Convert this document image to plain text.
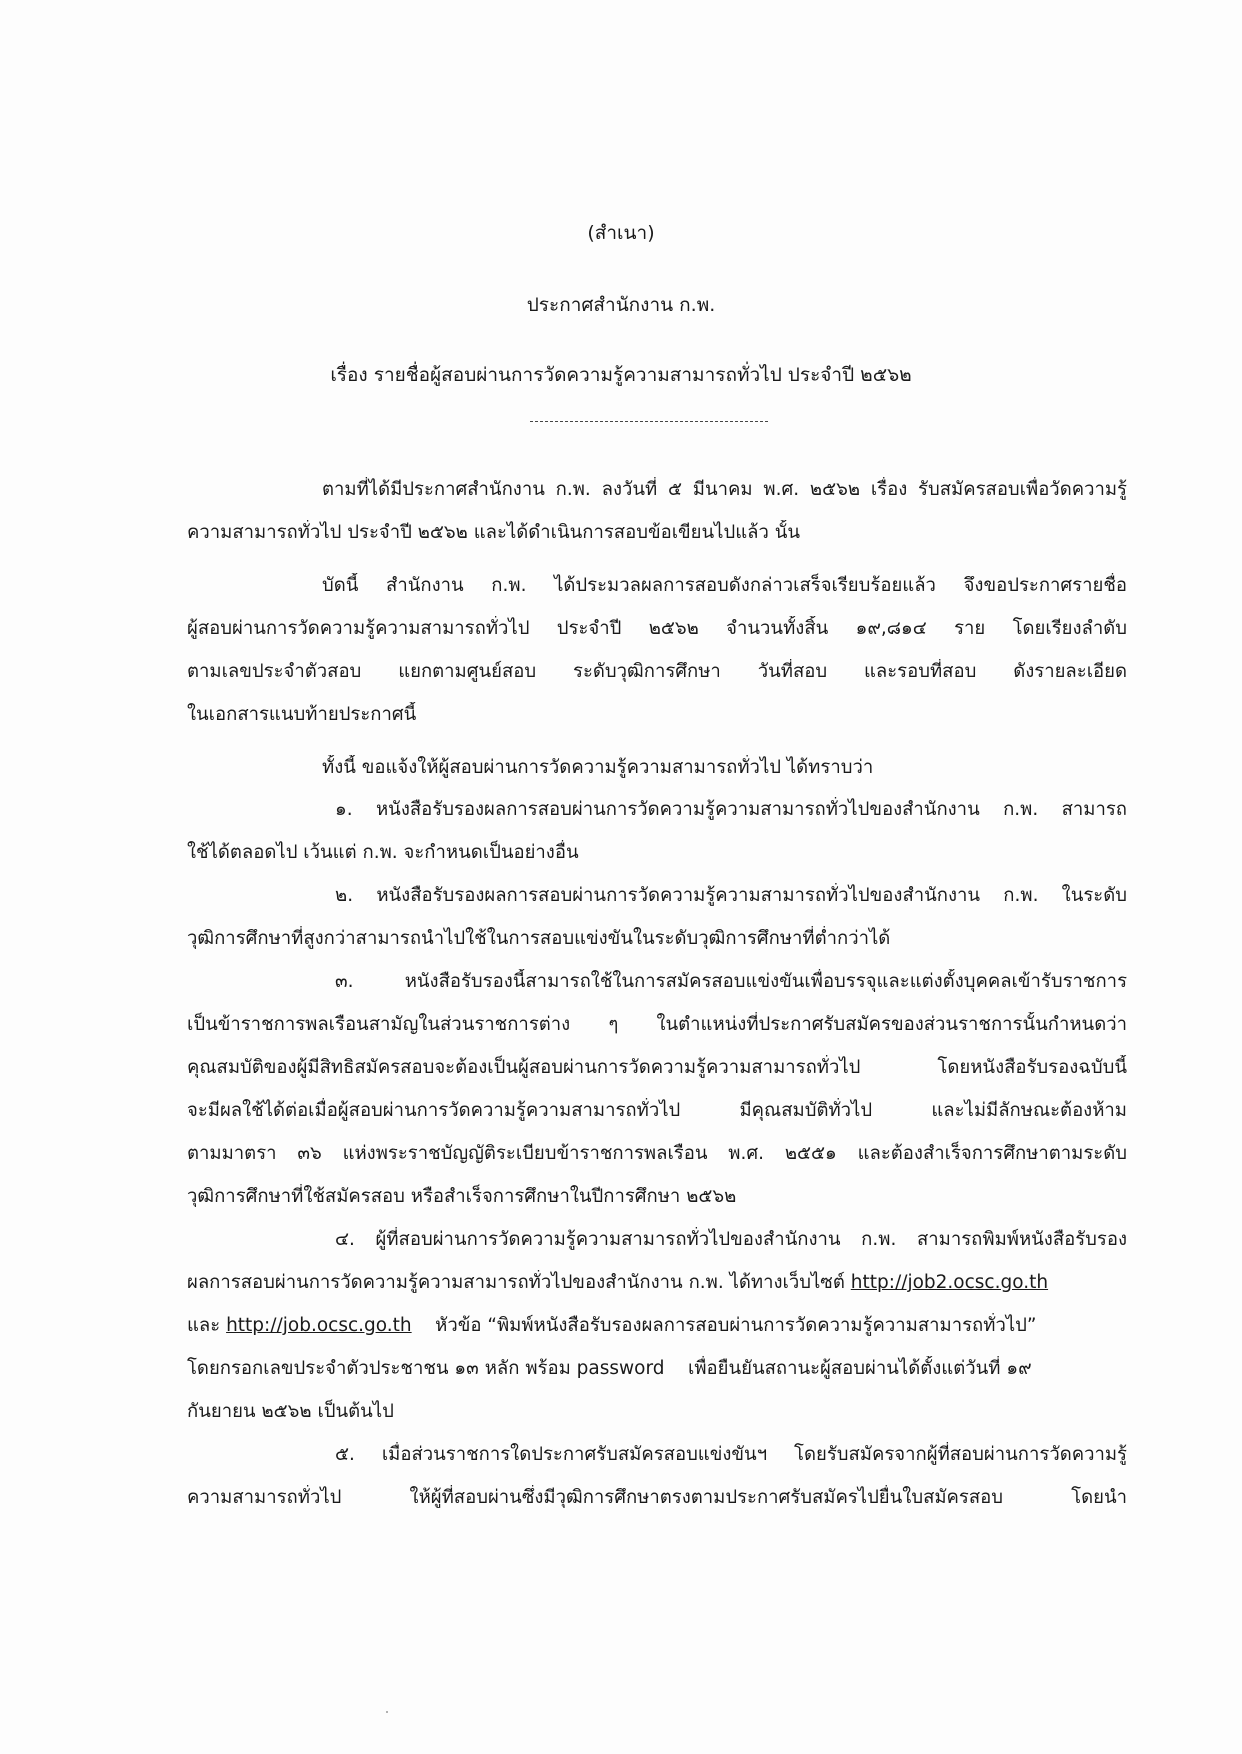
(สำเนา)
ประกาศสำนักงาน ก.พ.
เรื่อง รายชื่อผู้สอบผ่านการวัดความรู้ความสามารถทั่วไป ประจำปี ๒๕๖๒
ตามที่ได้มีประกาศสำนักงาน ก.พ. ลงวันที่ ๕ มีนาคม พ.ศ. ๒๕๖๒ เรื่อง รับสมัครสอบเพื่อวัดความรู้
ความสามารถทั่วไป ประจำปี ๒๕๖๒ และได้ดำเนินการสอบข้อเขียนไปแล้ว นั้น
บัดนี้ สำนักงาน ก.พ. ได้ประมวลผลการสอบดังกล่าวเสร็จเรียบร้อยแล้ว จึงขอประกาศรายชื่อ
ผู้สอบผ่านการวัดความรู้ความสามารถทั่วไป ประจำปี ๒๕๖๒ จำนวนทั้งสิ้น ๑๙,๘๑๔ ราย โดยเรียงลำดับ
ตามเลขประจำตัวสอบ แยกตามศูนย์สอบ ระดับวุฒิการศึกษา วันที่สอบ และรอบที่สอบ ดังรายละเอียด
ในเอกสารแนบท้ายประกาศนี้
ทั้งนี้ ขอแจ้งให้ผู้สอบผ่านการวัดความรู้ความสามารถทั่วไป ได้ทราบว่า
๑. หนังสือรับรองผลการสอบผ่านการวัดความรู้ความสามารถทั่วไปของสำนักงาน ก.พ. สามารถ
ใช้ได้ตลอดไป เว้นแต่ ก.พ. จะกำหนดเป็นอย่างอื่น
๒. หนังสือรับรองผลการสอบผ่านการวัดความรู้ความสามารถทั่วไปของสำนักงาน ก.พ. ในระดับ
วุฒิการศึกษาที่สูงกว่าสามารถนำไปใช้ในการสอบแข่งขันในระดับวุฒิการศึกษาที่ต่ำกว่าได้
๓. หนังสือรับรองนี้สามารถใช้ในการสมัครสอบแข่งขันเพื่อบรรจุและแต่งตั้งบุคคลเข้ารับราชการ
เป็นข้าราชการพลเรือนสามัญในส่วนราชการต่าง ๆ ในตำแหน่งที่ประกาศรับสมัครของส่วนราชการนั้นกำหนดว่า
คุณสมบัติของผู้มีสิทธิสมัครสอบจะต้องเป็นผู้สอบผ่านการวัดความรู้ความสามารถทั่วไป โดยหนังสือรับรองฉบับนี้
จะมีผลใช้ได้ต่อเมื่อผู้สอบผ่านการวัดความรู้ความสามารถทั่วไป มีคุณสมบัติทั่วไป และไม่มีลักษณะต้องห้าม
ตามมาตรา ๓๖ แห่งพระราชบัญญัติระเบียบข้าราชการพลเรือน พ.ศ. ๒๕๕๑ และต้องสำเร็จการศึกษาตามระดับ
วุฒิการศึกษาที่ใช้สมัครสอบ หรือสำเร็จการศึกษาในปีการศึกษา ๒๕๖๒
๔. ผู้ที่สอบผ่านการวัดความรู้ความสามารถทั่วไปของสำนักงาน ก.พ. สามารถพิมพ์หนังสือรับรอง
ผลการสอบผ่านการวัดความรู้ความสามารถทั่วไปของสำนักงาน ก.พ. ได้ทางเว็บไซต์ http://job2.ocsc.go.th
และ http://job.ocsc.go.th    หัวข้อ “พิมพ์หนังสือรับรองผลการสอบผ่านการวัดความรู้ความสามารถทั่วไป”
โดยกรอกเลขประจำตัวประชาชน ๑๓ หลัก พร้อม password    เพื่อยืนยันสถานะผู้สอบผ่านได้ตั้งแต่วันที่ ๑๙
กันยายน ๒๕๖๒ เป็นต้นไป
๕. เมื่อส่วนราชการใดประกาศรับสมัครสอบแข่งขันฯ โดยรับสมัครจากผู้ที่สอบผ่านการวัดความรู้
ความสามารถทั่วไป ให้ผู้ที่สอบผ่านซึ่งมีวุฒิการศึกษาตรงตามประกาศรับสมัครไปยื่นใบสมัครสอบ โดยนำ
